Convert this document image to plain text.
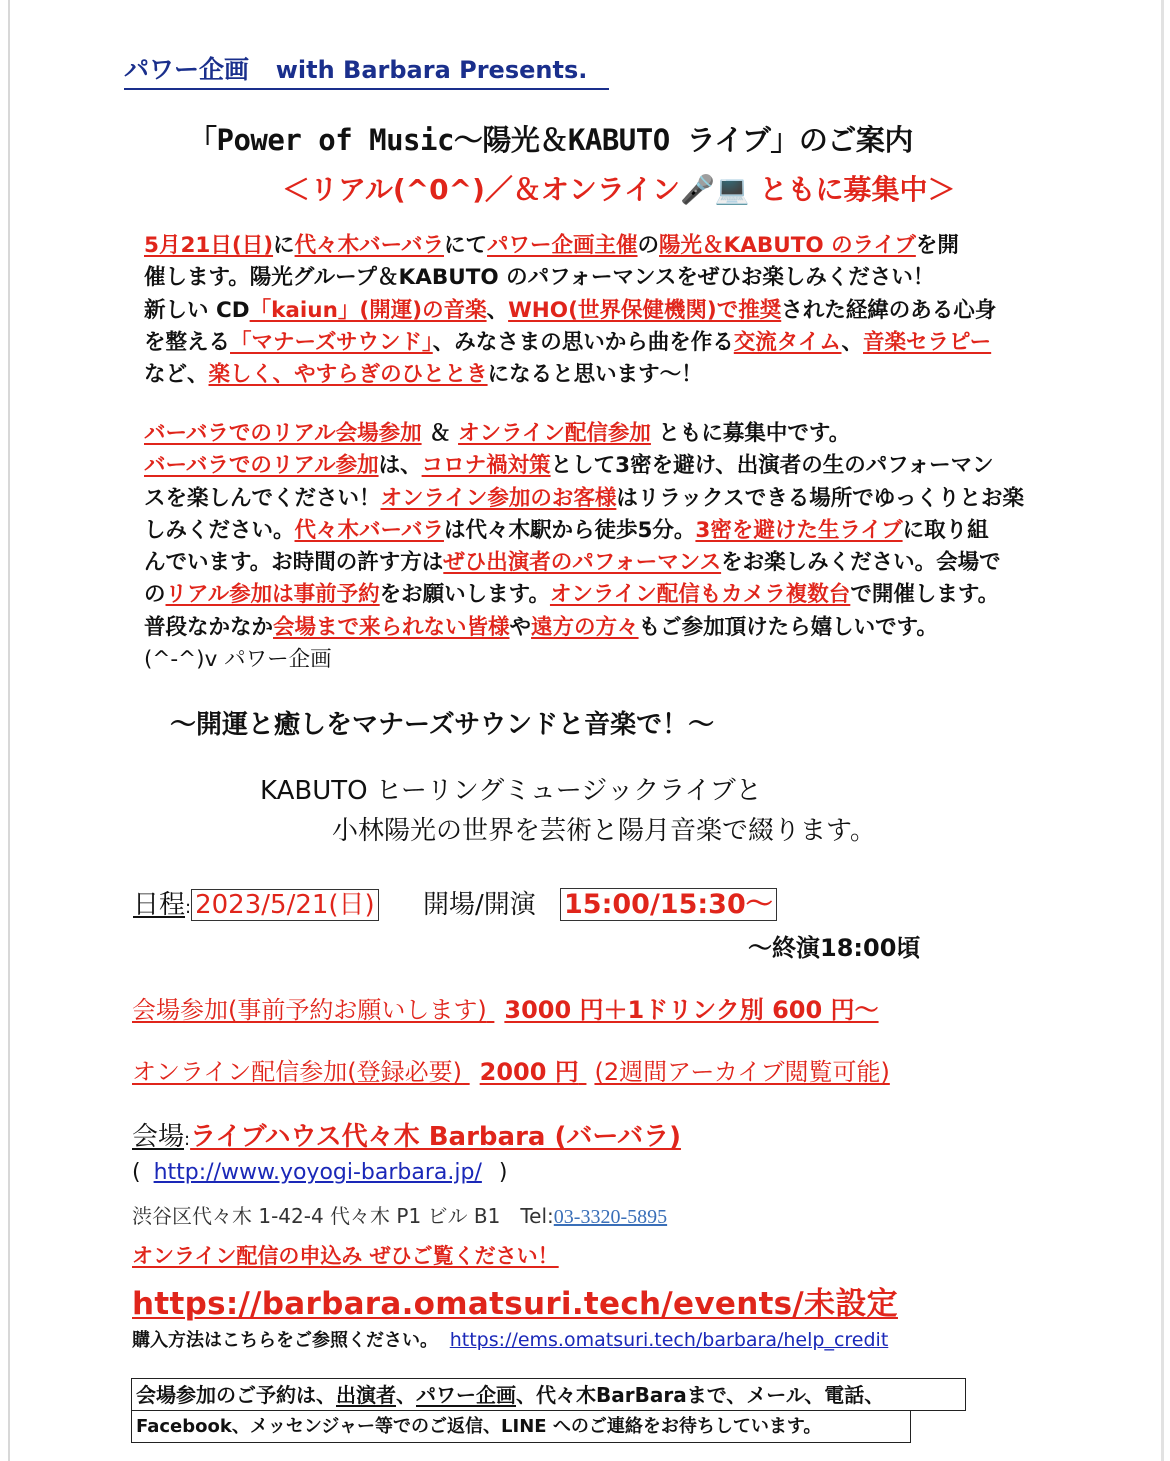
パワー企画 with Barbara Presents.
「Power of Music～陽光＆KABUTO ライブ」のご案内
＜リアル(^0^)／＆オンライン🎤💻 ともに募集中＞
5月21日(日)に代々木バーバラにてパワー企画主催の陽光＆KABUTO のライブを開
催します。陽光グループ＆KABUTO のパフォーマンスをぜひお楽しみください！
新しい CD「kaiun」(開運)の音楽、WHO(世界保健機関)で推奨された経緯のある心身
を整える「マナーズサウンド」、みなさまの思いから曲を作る交流タイム、音楽セラピー
など、楽しく、やすらぎのひとときになると思います～！
バーバラでのリアル会場参加 ＆ オンライン配信参加 ともに募集中です。
バーバラでのリアル参加は、コロナ禍対策として3密を避け、出演者の生のパフォーマン
スを楽しんでください！オンライン参加のお客様はリラックスできる場所でゆっくりとお楽
しみください。代々木バーバラは代々木駅から徒歩5分。3密を避けた生ライブに取り組
んでいます。お時間の許す方はぜひ出演者のパフォーマンスをお楽しみください。会場で
のリアル参加は事前予約をお願いします。オンライン配信もカメラ複数台で開催します。
普段なかなか会場まで来られない皆様や遠方の方々もご参加頂けたら嬉しいです。
(^-^)v パワー企画
～開運と癒しをマナーズサウンドと音楽で！～
KABUTO ヒーリングミュージックライブと
小林陽光の世界を芸術と陽月音楽で綴ります。
日程: 2023/5/21(日) 開場/開演 15:00/15:30～
～終演18:00頃
会場参加(事前予約お願いします) 3000 円＋1ドリンク別 600 円～
オンライン配信参加(登録必要) 2000 円 (2週間アーカイブ閲覧可能)
会場:ライブハウス代々木 Barbara (バーバラ)
( http://www.yoyogi-barbara.jp/ )
渋谷区代々木 1-42-4 代々木 P1 ビル B1　Tel:03-3320-5895
オンライン配信の申込み ぜひご覧ください！
https://barbara.omatsuri.tech/events/未設定
購入方法はこちらをご参照ください。 https://ems.omatsuri.tech/barbara/help_credit
会場参加のご予約は、出演者、パワー企画、代々木BarBaraまで、メール、電話、
Facebook、メッセンジャー等でのご返信、LINE へのご連絡をお待ちしています。
